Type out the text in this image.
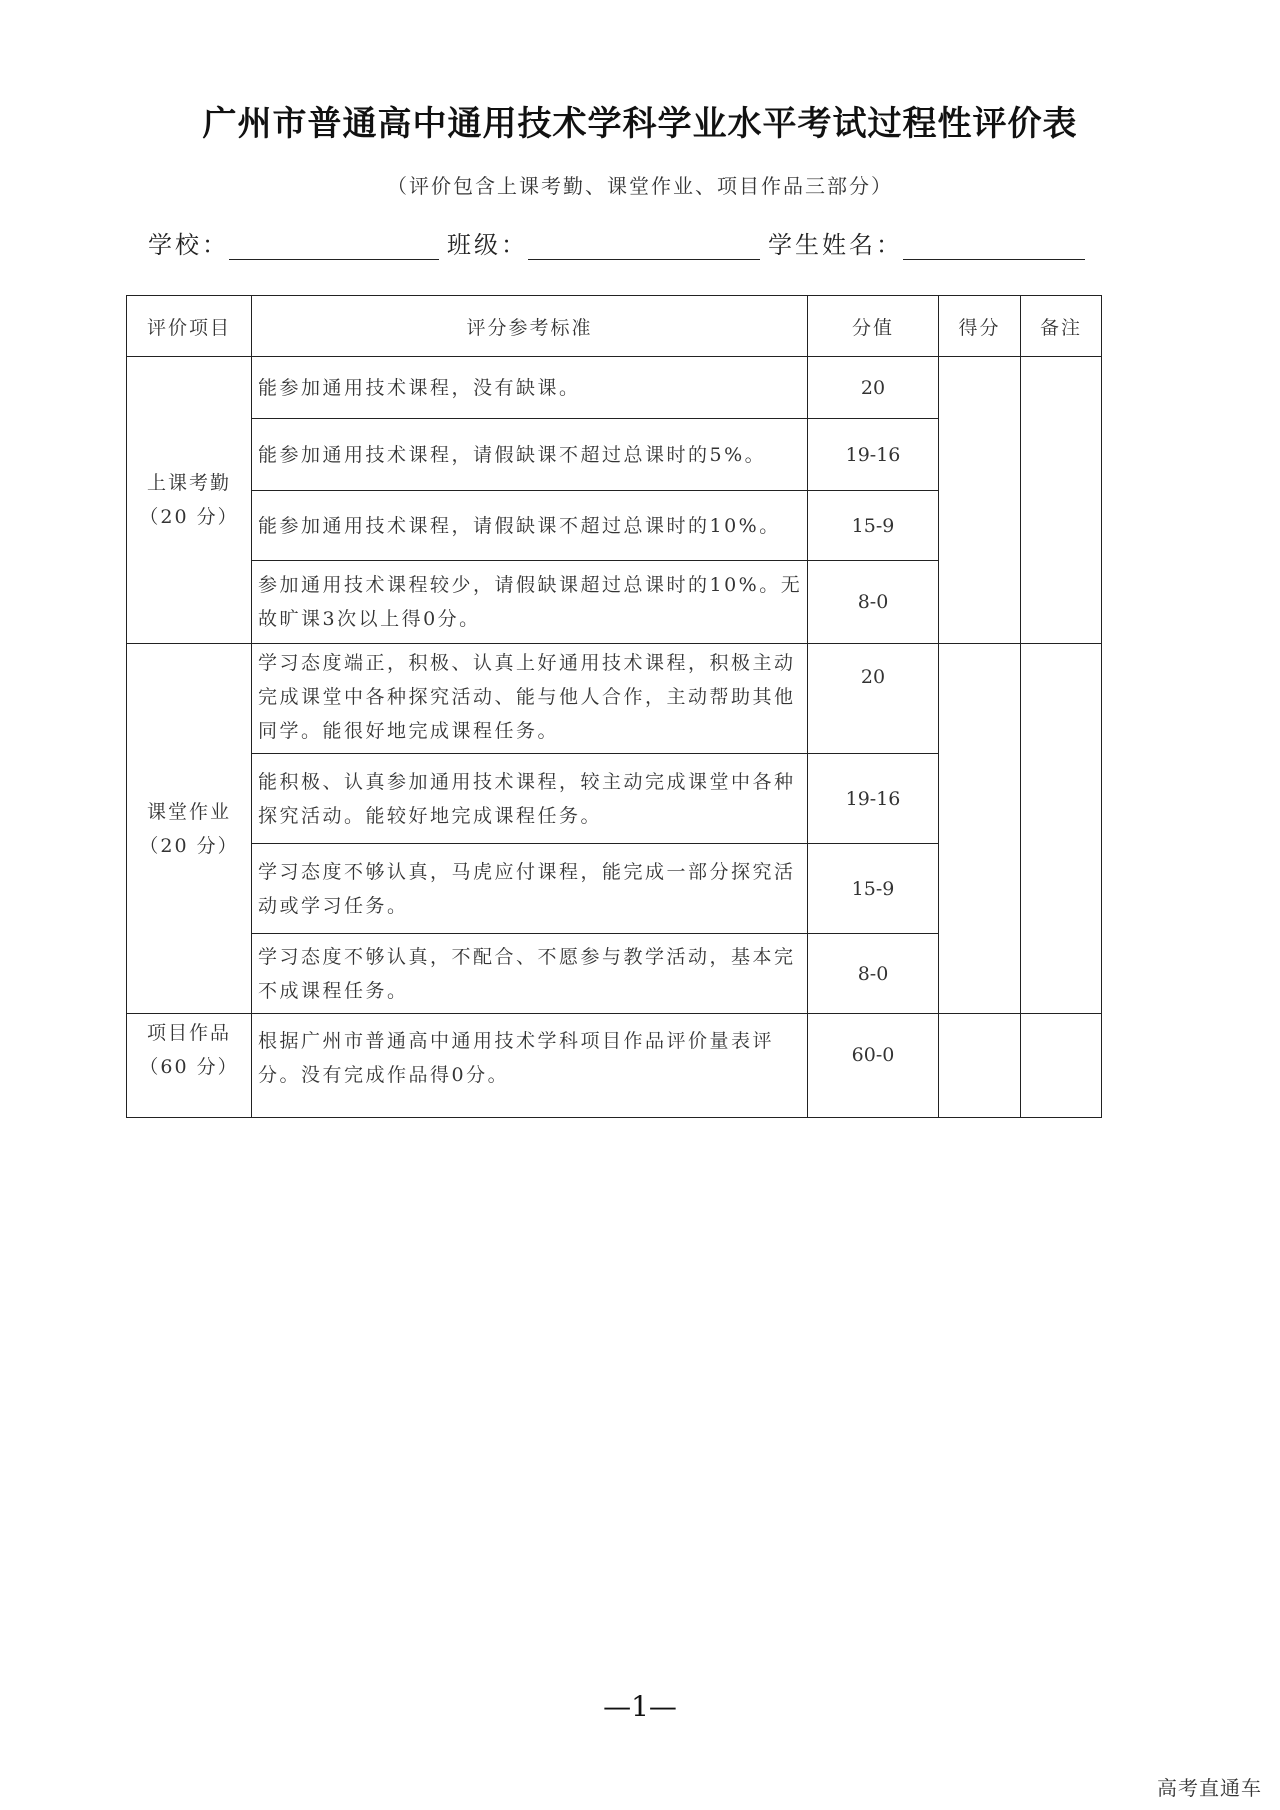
广州市普通高中通用技术学科学业水平考试过程性评价表
（评价包含上课考勤、课堂作业、项目作品三部分）
学校：	班级：	学生姓名：
评价项目	评分参考标准	分值	得分	备注

上课考勤
（20 分）	能参加通用技术课程，没有缺课。	20		
	能参加通用技术课程，请假缺课不超过总课时的5%。	19-16		
	能参加通用技术课程，请假缺课不超过总课时的10%。	15-9		
	参加通用技术课程较少，请假缺课超过总课时的10%。无故旷课3次以上得0分。	8-0		

课堂作业
（20 分）	学习态度端正，积极、认真上好通用技术课程，积极主动完成课堂中各种探究活动、能与他人合作，主动帮助其他同学。能很好地完成课程任务。	20		
	能积极、认真参加通用技术课程，较主动完成课堂中各种探究活动。能较好地完成课程任务。	19-16		
	学习态度不够认真，马虎应付课程，能完成一部分探究活动或学习任务。	15-9		
	学习态度不够认真，不配合、不愿参与教学活动，基本完不成课程任务。	8-0		

项目作品
（60 分）	根据广州市普通高中通用技术学科项目作品评价量表评分。没有完成作品得0分。	60-0		
—1—
高考直通车
